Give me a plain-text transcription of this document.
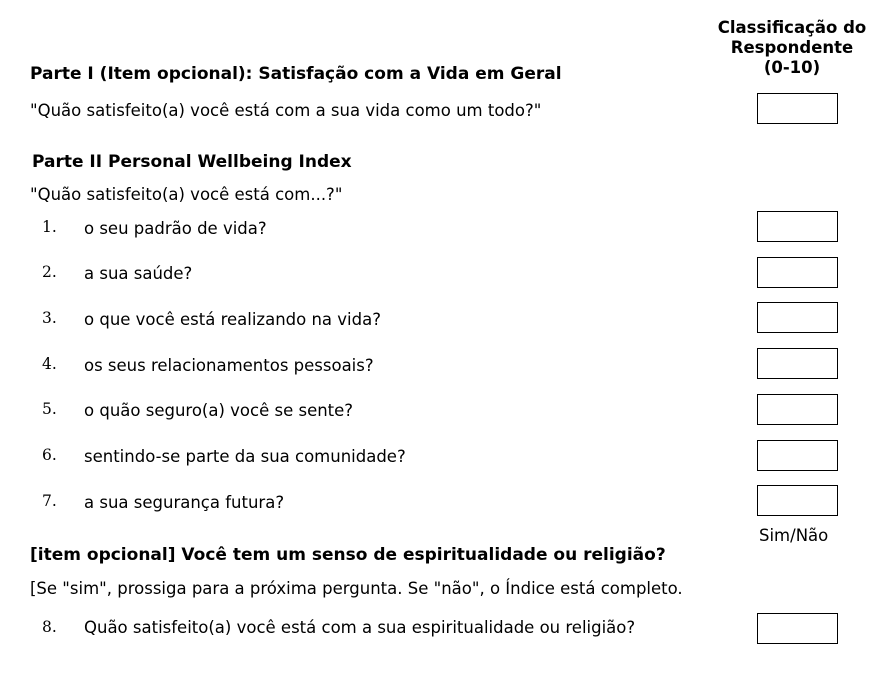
Classificação do
Respondente
(0-10)
Parte I (Item opcional): Satisfação com a Vida em Geral
"Quão satisfeito(a) você está com a sua vida como um todo?"
Parte II Personal Wellbeing Index
"Quão satisfeito(a) você está com...?"
1. o seu padrão de vida?
2. a sua saúde?
3. o que você está realizando na vida?
4. os seus relacionamentos pessoais?
5. o quão seguro(a) você se sente?
6. sentindo-se parte da sua comunidade?
7. a sua segurança futura?
Sim/Não
[item opcional] Você tem um senso de espiritualidade ou religião?
[Se "sim", prossiga para a próxima pergunta. Se "não", o Índice está completo.
8. Quão satisfeito(a) você está com a sua espiritualidade ou religião?
